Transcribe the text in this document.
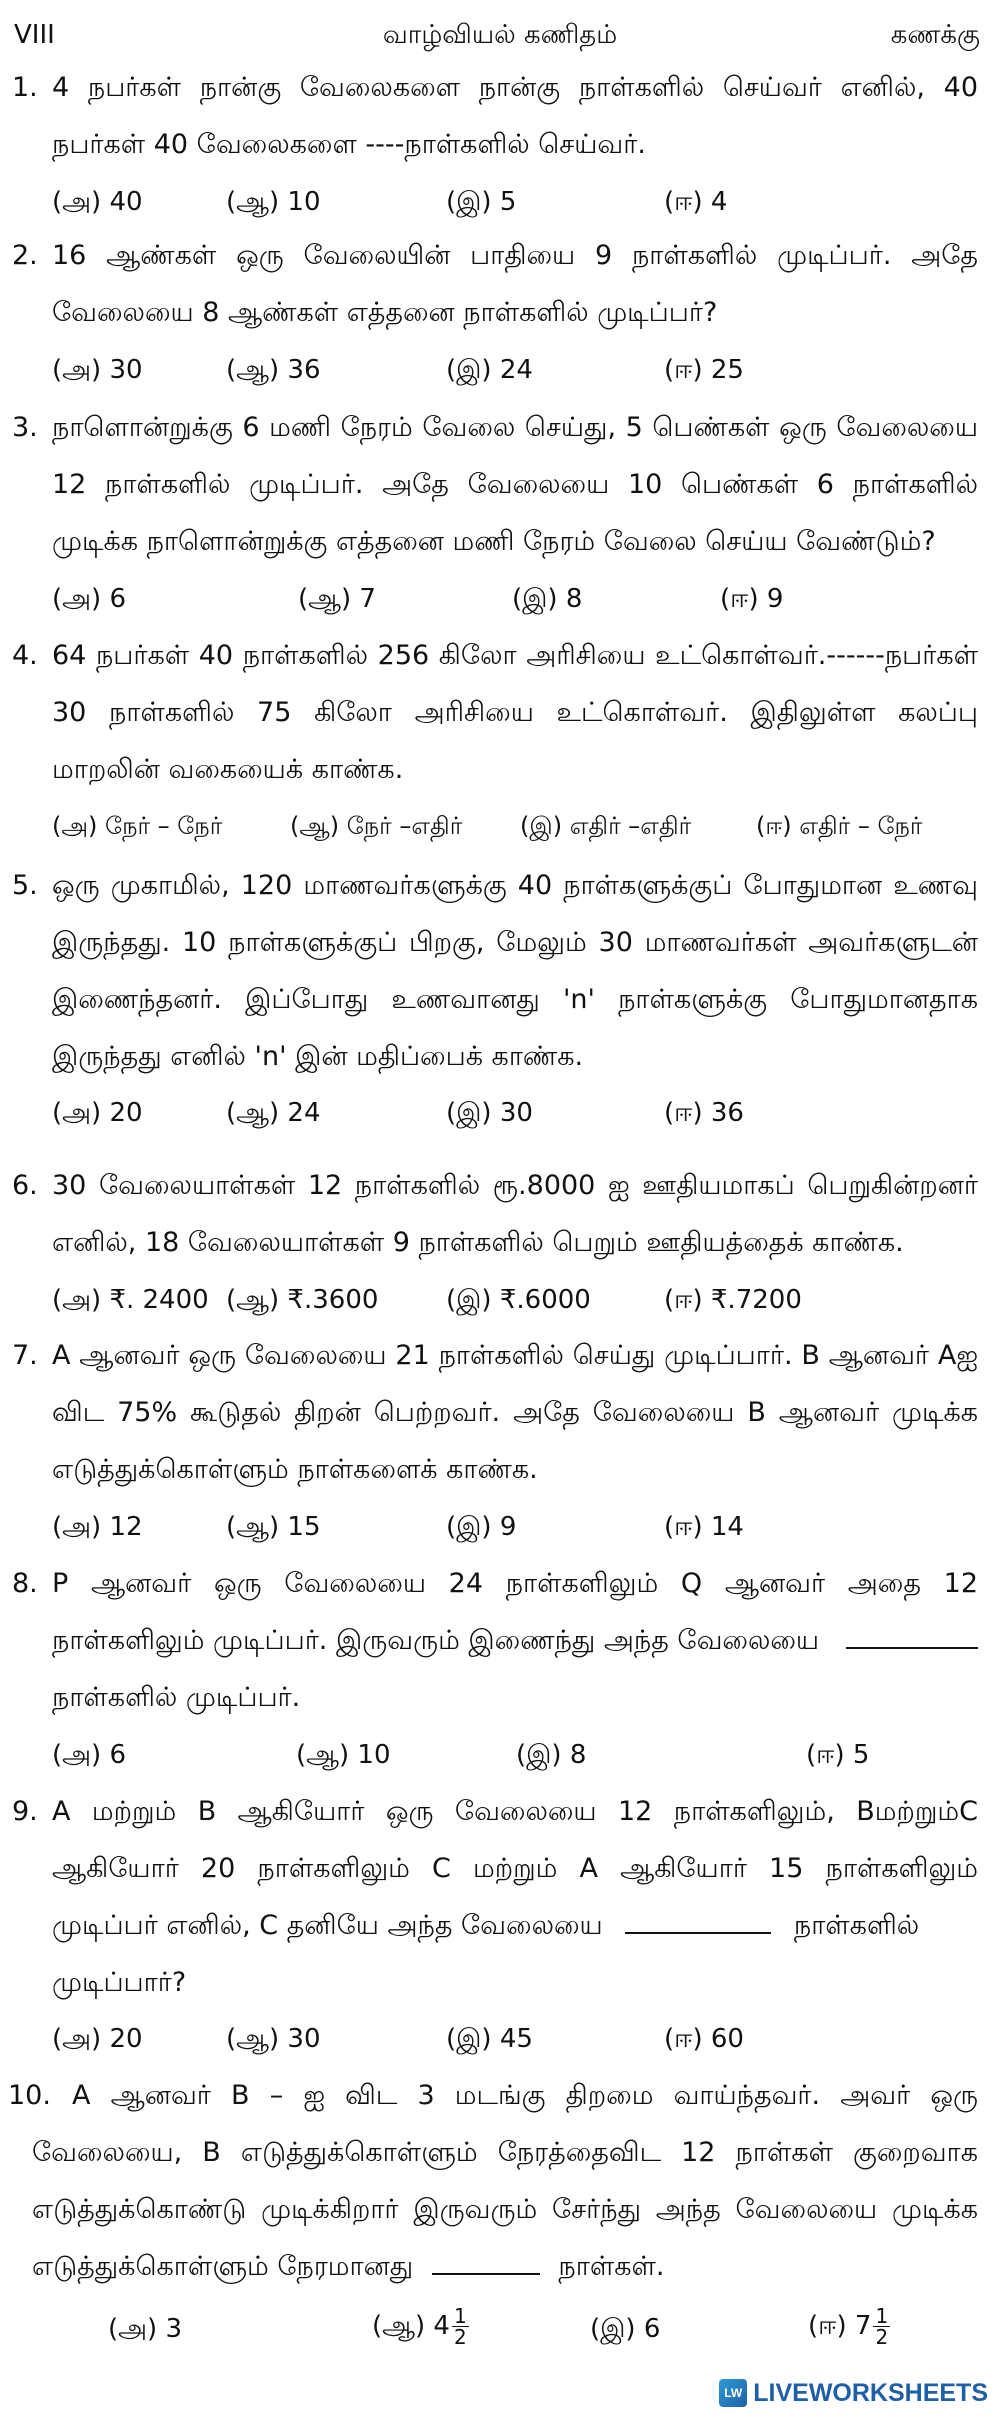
VIII	வாழ்வியல் கணிதம்	கணக்கு
1. 4 நபர்கள் நான்கு வேலைகளை நான்கு நாள்களில் செய்வர் எனில், 40
நபர்கள் 40 வேலைகளை ----நாள்களில் செய்வர்.
(அ) 40	(ஆ) 10	(இ) 5	(ஈ) 4
2. 16 ஆண்கள் ஒரு வேலையின் பாதியை 9 நாள்களில் முடிப்பர். அதே
வேலையை 8 ஆண்கள் எத்தனை நாள்களில் முடிப்பர்?
(அ) 30	(ஆ) 36	(இ) 24	(ஈ) 25
3. நாளொன்றுக்கு 6 மணி நேரம் வேலை செய்து, 5 பெண்கள் ஒரு வேலையை
12 நாள்களில் முடிப்பர். அதே வேலையை 10 பெண்கள் 6 நாள்களில்
முடிக்க நாளொன்றுக்கு எத்தனை மணி நேரம் வேலை செய்ய வேண்டும்?
(அ) 6	(ஆ) 7	(இ) 8	(ஈ) 9
4. 64 நபர்கள் 40 நாள்களில் 256 கிலோ அரிசியை உட்கொள்வர்.------நபர்கள்
30 நாள்களில் 75 கிலோ அரிசியை உட்கொள்வர். இதிலுள்ள கலப்பு
மாறலின் வகையைக் காண்க.
(அ) நேர் – நேர்	(ஆ) நேர் –எதிர் (இ) எதிர் –எதிர்	(ஈ) எதிர் – நேர்
5. ஒரு முகாமில், 120 மாணவர்களுக்கு 40 நாள்களுக்குப் போதுமான உணவு
இருந்தது. 10 நாள்களுக்குப் பிறகு, மேலும் 30 மாணவர்கள் அவர்களுடன்
இணைந்தனர். இப்போது உணவானது 'n' நாள்களுக்கு போதுமானதாக
இருந்தது எனில் 'n' இன் மதிப்பைக் காண்க.
(அ) 20	(ஆ) 24	(இ) 30	(ஈ) 36
6. 30 வேலையாள்கள் 12 நாள்களில் ரூ.8000 ஐ ஊதியமாகப் பெறுகின்றனர்
எனில், 18 வேலையாள்கள் 9 நாள்களில் பெறும் ஊதியத்தைக் காண்க.
(அ) ₹. 2400 (ஆ) ₹.3600	(இ) ₹.6000	(ஈ) ₹.7200
7. A ஆனவர் ஒரு வேலையை 21 நாள்களில் செய்து முடிப்பார். B ஆனவர் Aஐ
விட 75% கூடுதல் திறன் பெற்றவர். அதே வேலையை B ஆனவர் முடிக்க
எடுத்துக்கொள்ளும் நாள்களைக் காண்க.
(அ) 12	(ஆ) 15	(இ) 9	(ஈ) 14
8. P ஆனவர் ஒரு வேலையை 24 நாள்களிலும் Q ஆனவர் அதை 12
நாள்களிலும் முடிப்பர். இருவரும் இணைந்து அந்த வேலையை
நாள்களில் முடிப்பர்.
(அ) 6	(ஆ) 10	(இ) 8	(ஈ) 5
9. A மற்றும் B ஆகியோர் ஒரு வேலையை 12 நாள்களிலும், Bமற்றும்C
ஆகியோர் 20 நாள்களிலும் C மற்றும் A ஆகியோர் 15 நாள்களிலும்
முடிப்பர் எனில், C தனியே அந்த வேலையை	நாள்களில்
முடிப்பார்?
(அ) 20	(ஆ) 30	(இ) 45	(ஈ) 60
10. A ஆனவர் B – ஐ விட 3 மடங்கு திறமை வாய்ந்தவர். அவர் ஒரு
வேலையை, B எடுத்துக்கொள்ளும் நேரத்தைவிட 12 நாள்கள் குறைவாக
எடுத்துக்கொண்டு முடிக்கிறார் இருவரும் சேர்ந்து அந்த வேலையை முடிக்க
எடுத்துக்கொள்ளும் நேரமானது	நாள்கள்.
(அ) 3	(ஆ) $4 \frac{1}{2}$	(இ) 6	(ஈ) $7 \frac{1}{2}$
LW LIVEWORKSHEETS
